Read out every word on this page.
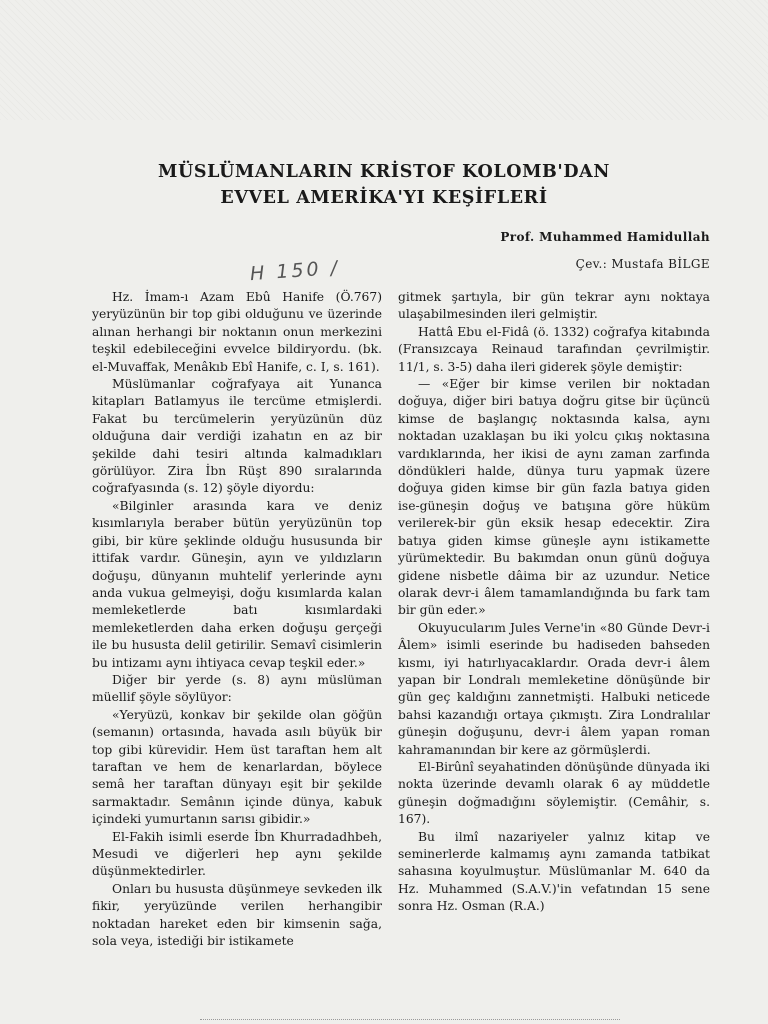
MÜSLÜMANLARIN KRİSTOF KOLOMB'DAN
EVVEL AMERİKA'YI KEŞİFLERİ
Prof. Muhammed Hamidullah
Çev.: Mustafa BİLGE
H 150 /

Hz. İmam-ı Azam Ebû Hanife (Ö.767) yeryüzünün bir top gibi olduğunu ve üzerinde alınan herhangi bir noktanın onun merkezini teşkil edebileceğini evvelce bildiryordu. (bk. el-Muvaffak, Menâkıb Ebî Hanife, c. I, s. 161).

Müslümanlar coğrafyaya ait Yunanca kitapları Batlamyus ile tercüme etmişlerdi. Fakat bu tercümelerin yeryüzünün düz olduğuna dair verdiği izahatın en az bir şekilde dahi tesiri altında kalmadıkları görülüyor. Zira İbn Rüşt 890 sıralarında coğrafyasında (s. 12) şöyle diyordu:

«Bilginler arasında kara ve deniz kısımlarıyla beraber bütün yeryüzünün top gibi, bir küre şeklinde olduğu hususunda bir ittifak vardır. Güneşin, ayın ve yıldızların doğuşu, dünyanın muhtelif yerlerinde aynı anda vukua gelmeyişi, doğu kısımlarda kalan memleketlerde batı kısımlardaki memleketlerden daha erken doğuşu gerçeği ile bu hususta delil getirilir. Semavî cisimlerin bu intizamı aynı ihtiyaca cevap teşkil eder.»

Diğer bir yerde (s. 8) aynı müslüman müellif şöyle söylüyor:

«Yeryüzü, konkav bir şekilde olan göğün (semanın) ortasında, havada asılı büyük bir top gibi kürevidir. Hem üst taraftan hem alt taraftan ve hem de kenarlardan, böylece semâ her taraftan dünyayı eşit bir şekilde sarmaktadır. Semânın içinde dünya, kabuk içindeki yumurtanın sarısı gibidir.»

El-Fakih isimli eserde İbn Khurradadhbeh, Mesudi ve diğerleri hep aynı şekilde düşünmektedirler.

Onları bu hususta düşünmeye sevkeden ilk fikir, yeryüzünde verilen herhangibir noktadan hareket eden bir kimsenin sağa, sola veya, istediği bir istikamete

gitmek şartıyla, bir gün tekrar aynı noktaya ulaşabilmesinden ileri gelmiştir.

Hattâ Ebu el-Fidâ (ö. 1332) coğrafya kitabında (Fransızcaya Reinaud tarafından çevrilmiştir. 11/1, s. 3-5) daha ileri giderek şöyle demiştir:

— «Eğer bir kimse verilen bir noktadan doğuya, diğer biri batıya doğru gitse bir üçüncü kimse de başlangıç noktasında kalsa, aynı noktadan uzaklaşan bu iki yolcu çıkış noktasına vardıklarında, her ikisi de aynı zaman zarfında döndükleri halde, dünya turu yapmak üzere doğuya giden kimse bir gün fazla batıya giden ise-güneşin doğuş ve batışına göre hüküm verilerek-bir gün eksik hesap edecektir. Zira batıya giden kimse güneşle aynı istikamette yürümektedir. Bu bakımdan onun günü doğuya gidene nisbetle dâima bir az uzundur. Netice olarak devr-i âlem tamamlandığında bu fark tam bir gün eder.»

Okuyucularım Jules Verne'in «80 Günde Devr-i Âlem» isimli eserinde bu hadiseden bahseden kısmı, iyi hatırlıyacaklardır. Orada devr-i âlem yapan bir Londralı memleketine dönüşünde bir gün geç kaldığını zannetmişti. Halbuki neticede bahsi kazandığı ortaya çıkmıştı. Zira Londralılar güneşin doğuşunu, devr-i âlem yapan roman kahramanından bir kere az görmüşlerdi.

El-Birûnî seyahatinden dönüşünde dünyada iki nokta üzerinde devamlı olarak 6 ay müddetle güneşin doğmadığını söylemiştir. (Cemâhir, s. 167).

Bu ilmî nazariyeler yalnız kitap ve seminerlerde kalmamış aynı zamanda tatbikat sahasına koyulmuştur. Müslümanlar M. 640 da Hz. Muhammed (S.A.V.)'in vefatından 15 sene sonra Hz. Osman (R.A.)
